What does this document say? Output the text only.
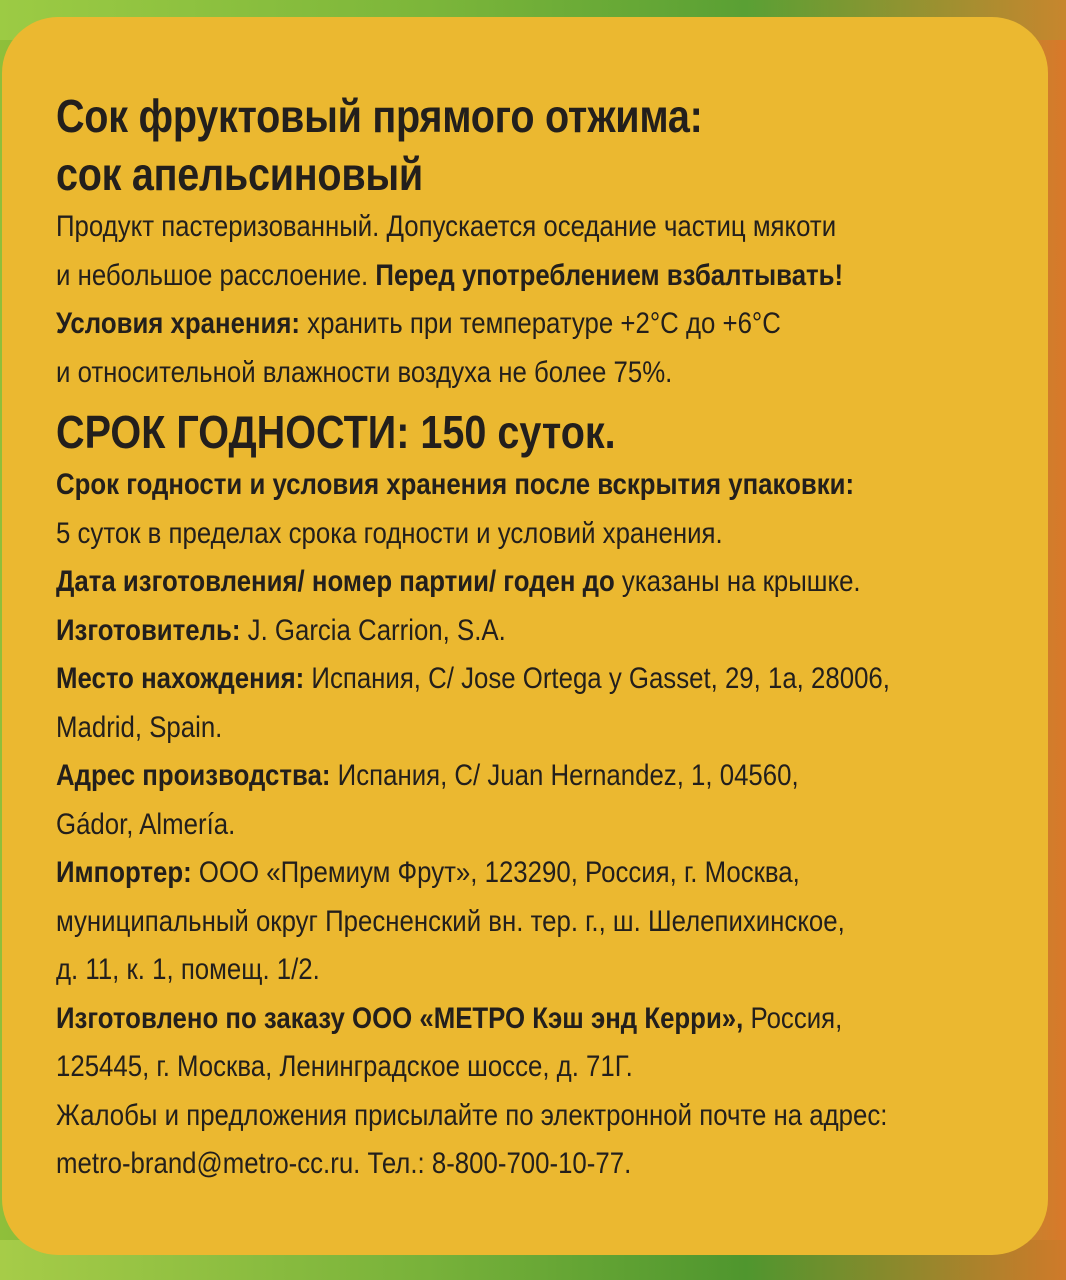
Сок фруктовый прямого отжима:
сок апельсиновый
Продукт пастеризованный. Допускается оседание частиц мякоти
и небольшое расслоение. Перед употреблением взбалтывать!
Условия хранения: хранить при температуре +2°С до +6°С
и относительной влажности воздуха не более 75%.
СРОК ГОДНОСТИ: 150 суток.
Срок годности и условия хранения после вскрытия упаковки:
5 суток в пределах срока годности и условий хранения.
Дата изготовления/ номер партии/ годен до указаны на крышке.
Изготовитель: J. Garcia Carrion, S.A.
Место нахождения: Испания, C/ Jose Ortega y Gasset, 29, 1a, 28006,
Madrid, Spain.
Адрес производства: Испания, C/ Juan Hernandez, 1, 04560,
Gádor, Almería.
Импортер: ООО «Премиум Фрут», 123290, Россия, г. Москва,
муниципальный округ Пресненский вн. тер. г., ш. Шелепихинское,
д. 11, к. 1, помещ. 1/2.
Изготовлено по заказу ООО «МЕТРО Кэш энд Керри», Россия,
125445, г. Москва, Ленинградское шоссе, д. 71Г.
Жалобы и предложения присылайте по электронной почте на адрес:
metro-brand@metro-cc.ru. Тел.: 8-800-700-10-77.
